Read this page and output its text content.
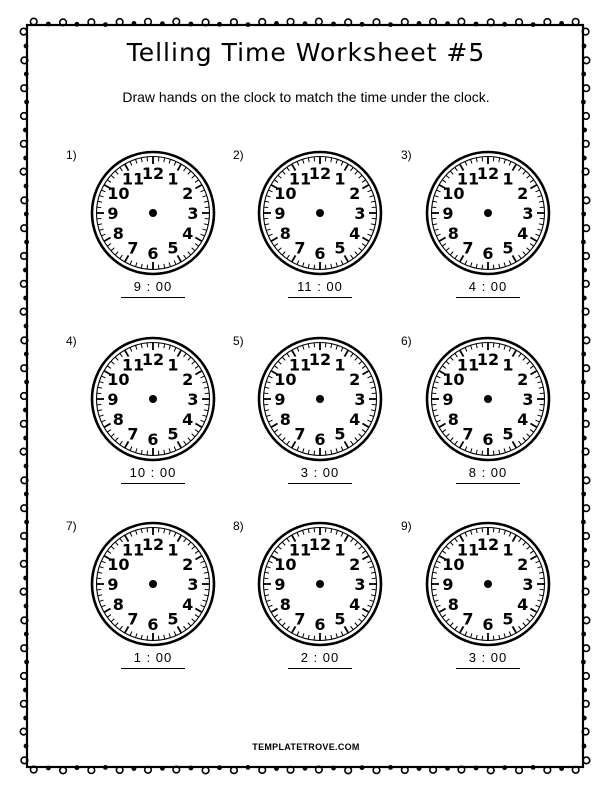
Telling Time Worksheet #5
Draw hands on the clock to match the time under the clock.
1)
12 1
2
3
4
5
6
7
8
9
10
11
9 : 00
2)
12 1
2
3
4
5
6
7
8
9
10
11
11 : 00
3)
12 1
2
3
4
5
6
7
8
9
10
11
4 : 00
4)
12 1
2
3
4
5
6
7
8
9
10
11
10 : 00
5)
12 1
2
3
4
5
6
7
8
9
10
11
3 : 00
6)
12 1
2
3
4
5
6
7
8
9
10
11
8 : 00
7)
12 1
2
3
4
5
6
7
8
9
10
11
1 : 00
8)
12 1
2
3
4
5
6
7
8
9
10
11
2 : 00
9)
12 1
2
3
4
5
6
7
8
9
10
11
3 : 00
TEMPLATETROVE.COM
